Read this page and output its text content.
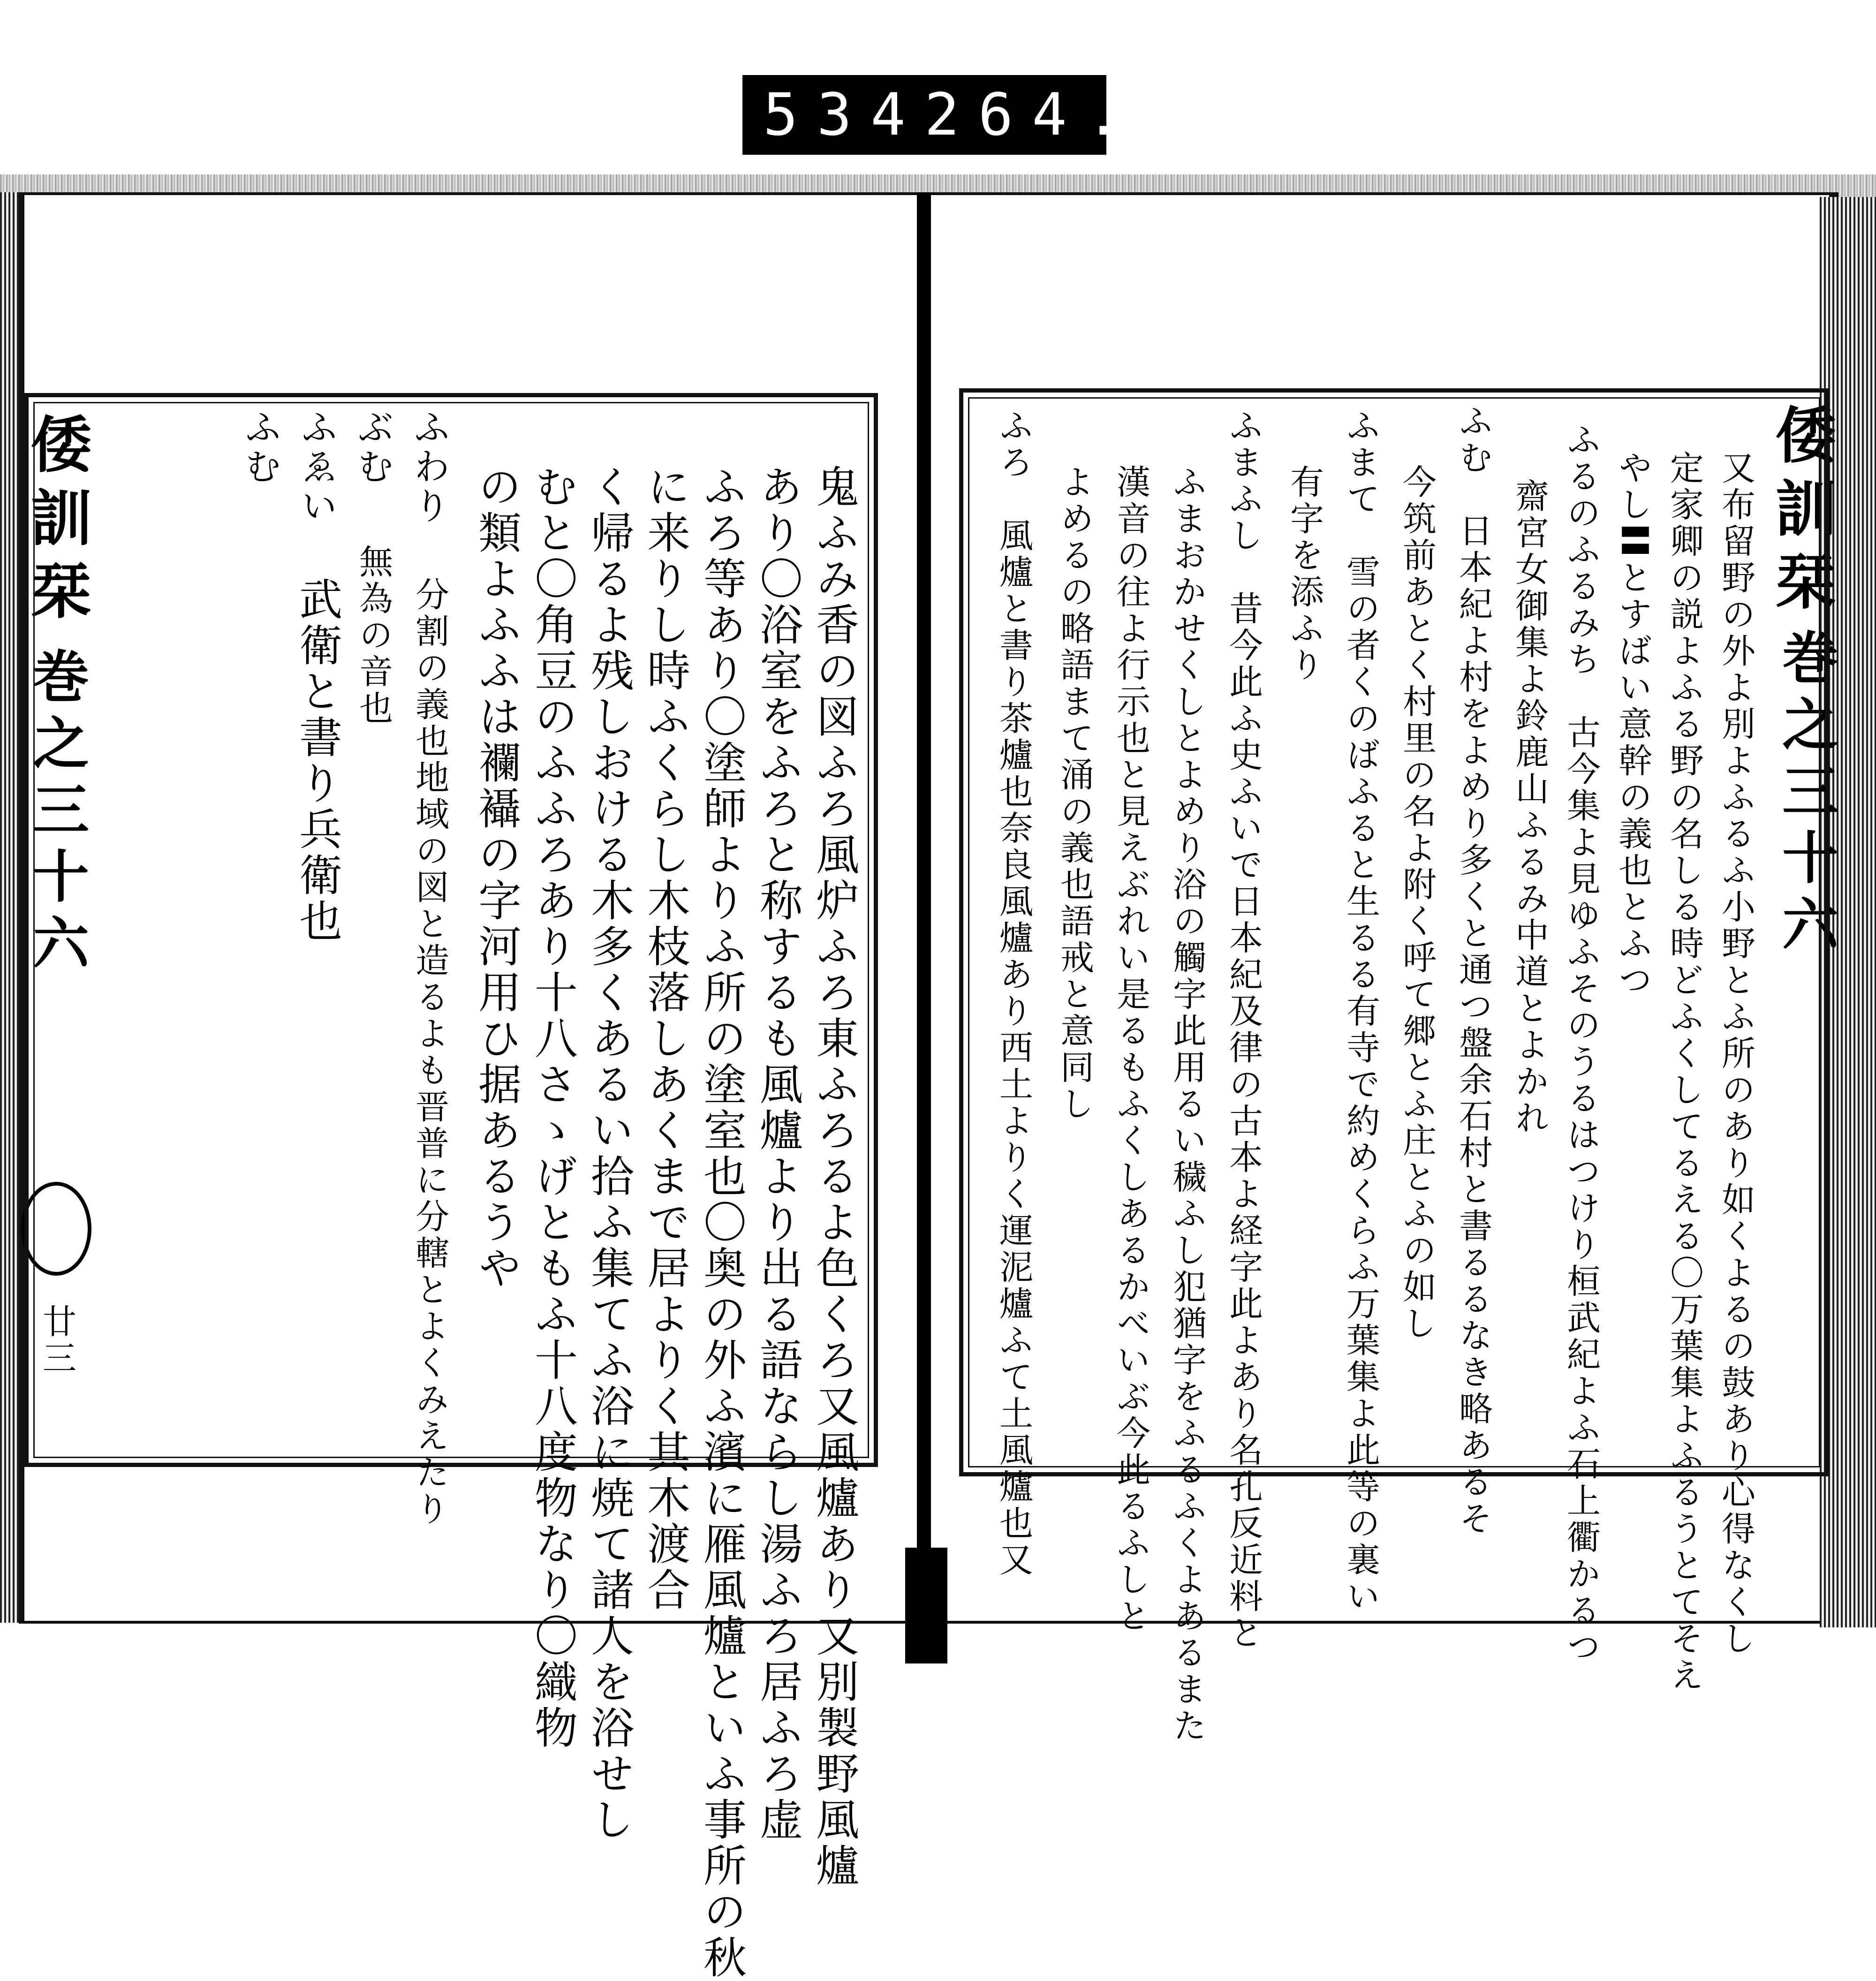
534 264.
倭訓栞
巻之三十六
廿三	鬼ふみ香の図ふろ風炉ふろ東ふろるよ色くろ又風爐あり又別製野風爐
あり〇浴室をふろと称するも風爐より出る語ならし湯ふろ居ふろ虚
ふろ等あり〇塗師よりふ所の塗室也〇奥の外ふ濱に雁風爐といふ事所の秋
に来りし時ふくらし木枝落しあくまで居よりく其木渡合
く帰るよ残しおける木多くあるい拾ふ集てふ浴に焼て諸人を浴せし
むと〇角豆のふふろあり十八さゝげともふ十八度物なり〇織物
の類よふふは襴襵の字河用ひ据あるうや
ふわり
分割の義也地域の図と造るよも晋普に分轄とよくみえたり
ぶむ
無為の音也
ふゑい
武衛と書り兵衛也
ふむ	倭訓栞
巻之三十六
又布留野の外よ別よふるふ小野とふ所のあり如くよるの鼓あり心得なくし
定家卿の説よふる野の名しる時どふくしてるえる〇万葉集よふるうとてそえ
やし〓とすばい意幹の義也とふつ
ふるのふるみち　古今集よ見ゆふそのうるはつけり桓武紀よふ石上衢かるつ
齋宮女御集よ鈴鹿山ふるみ中道とよかれ
ふむ　日本紀よ村をよめり多くと通つ盤余石村と書るるなき略あるそ
今筑前あとく村里の名よ附く呼て郷とふ庄とふの如し
ふまて　雪の者くのばふると生るる有寺で約めくらふ万葉集よ此等の裏い
有字を添ふり
ふまふし　昔今此ふ史ふいで日本紀及律の古本よ経字此よあり名孔反近料と
ふまおかせくしとよめり浴の觸字此用るい穢ふし犯猶字をふるふくよあるまた
漢音の往よ行示也と見えぶれい是るもふくしあるかべいぶ今此るふしと
よめるの略語まて涌の義也語戒と意同し
ふろ　風爐と書り茶爐也奈良風爐あり西土よりく運泥爐ふて土風爐也又
